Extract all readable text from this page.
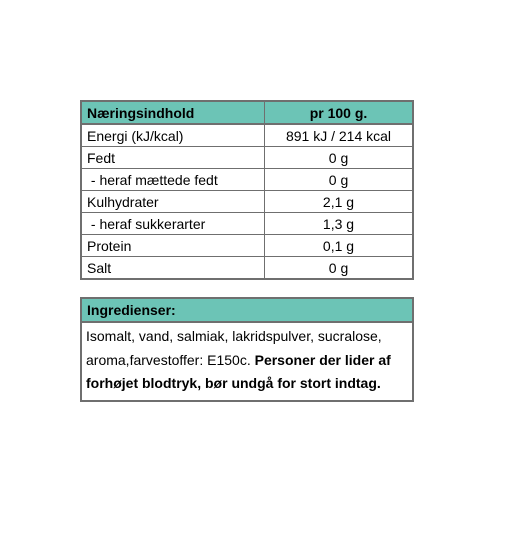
Næringsindhold	pr 100 g.
Energi (kJ/kcal)	891 kJ / 214 kcal
Fedt	0 g
- heraf mættede fedt	0 g
Kulhydrater	2,1 g
- heraf sukkerarter	1,3 g
Protein	0,1 g
Salt	0 g
Ingredienser:
Isomalt, vand, salmiak, lakridspulver, sucralose, aroma,farvestoffer: E150c. Personer der lider af forhøjet blodtryk, bør undgå for stort indtag.
